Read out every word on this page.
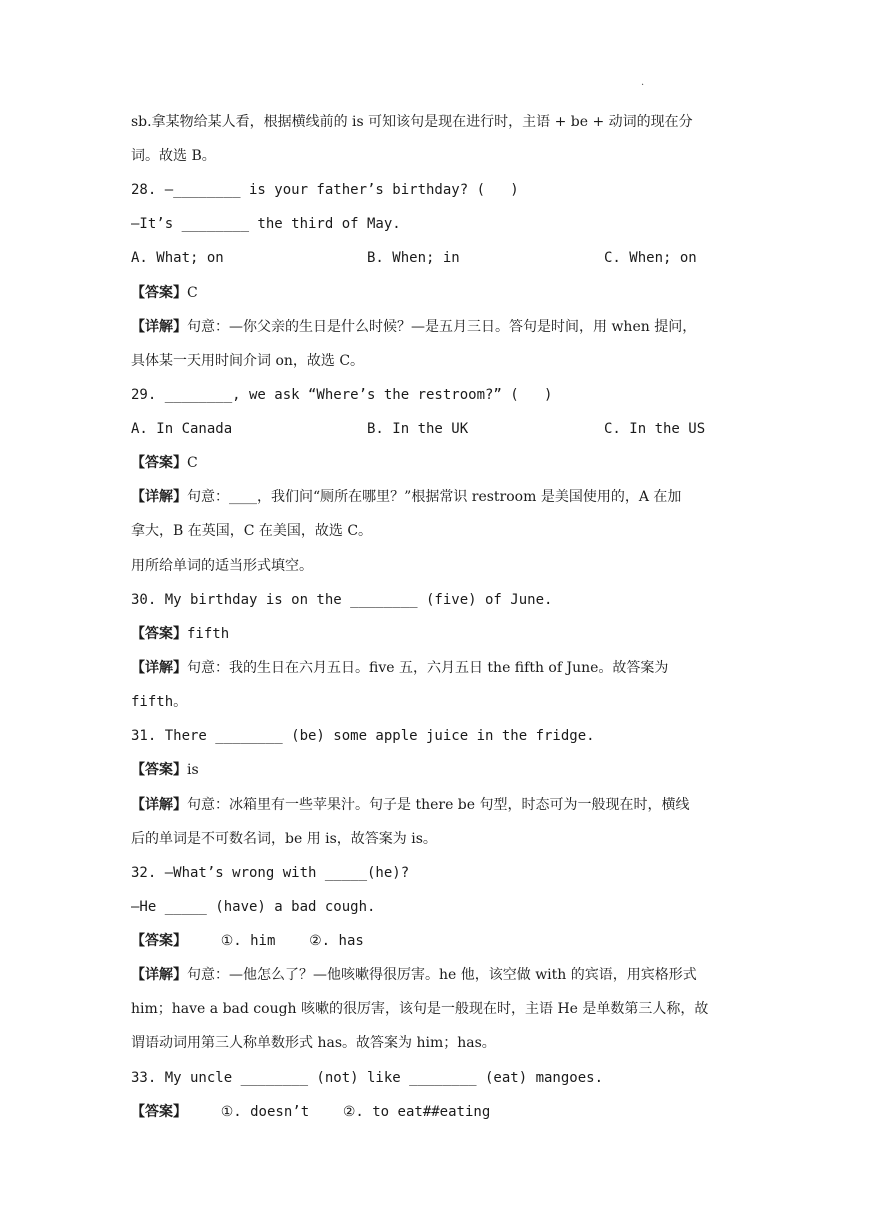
·
sb.拿某物给某人看，根据横线前的 is 可知该句是现在进行时，主语 + be + 动词的现在分
词。故选 B。
28. —________ is your father’s birthday? (   )
—It’s ________ the third of May.
A. What; on	B. When; in	C. When; on
【答案】C
【详解】句意：—你父亲的生日是什么时候？—是五月三日。答句是时间，用 when 提问，
具体某一天用时间介词 on，故选 C。
29. ________, we ask “Where’s the restroom?” (   )
A. In Canada	B. In the UK	C. In the US
【答案】C
【详解】句意：____，我们问“厕所在哪里？”根据常识 restroom 是美国使用的，A 在加
拿大，B 在英国，C 在美国，故选 C。
用所给单词的适当形式填空。
30. My birthday is on the ________ (five) of June.
【答案】fifth
【详解】句意：我的生日在六月五日。five 五，六月五日 the fifth of June。故答案为
fifth。
31. There ________ (be) some apple juice in the fridge.
【答案】is
【详解】句意：冰箱里有一些苹果汁。句子是 there be 句型，时态可为一般现在时，横线
后的单词是不可数名词，be 用 is，故答案为 is。
32. —What’s wrong with _____(he)?
—He _____ (have) a bad cough.
【答案】    ①. him    ②. has
【详解】句意：—他怎么了？—他咳嗽得很厉害。he 他，该空做 with 的宾语，用宾格形式
him；have a bad cough 咳嗽的很厉害，该句是一般现在时，主语 He 是单数第三人称，故
谓语动词用第三人称单数形式 has。故答案为 him；has。
33. My uncle ________ (not) like ________ (eat) mangoes.
【答案】    ①. doesn’t    ②. to eat##eating
